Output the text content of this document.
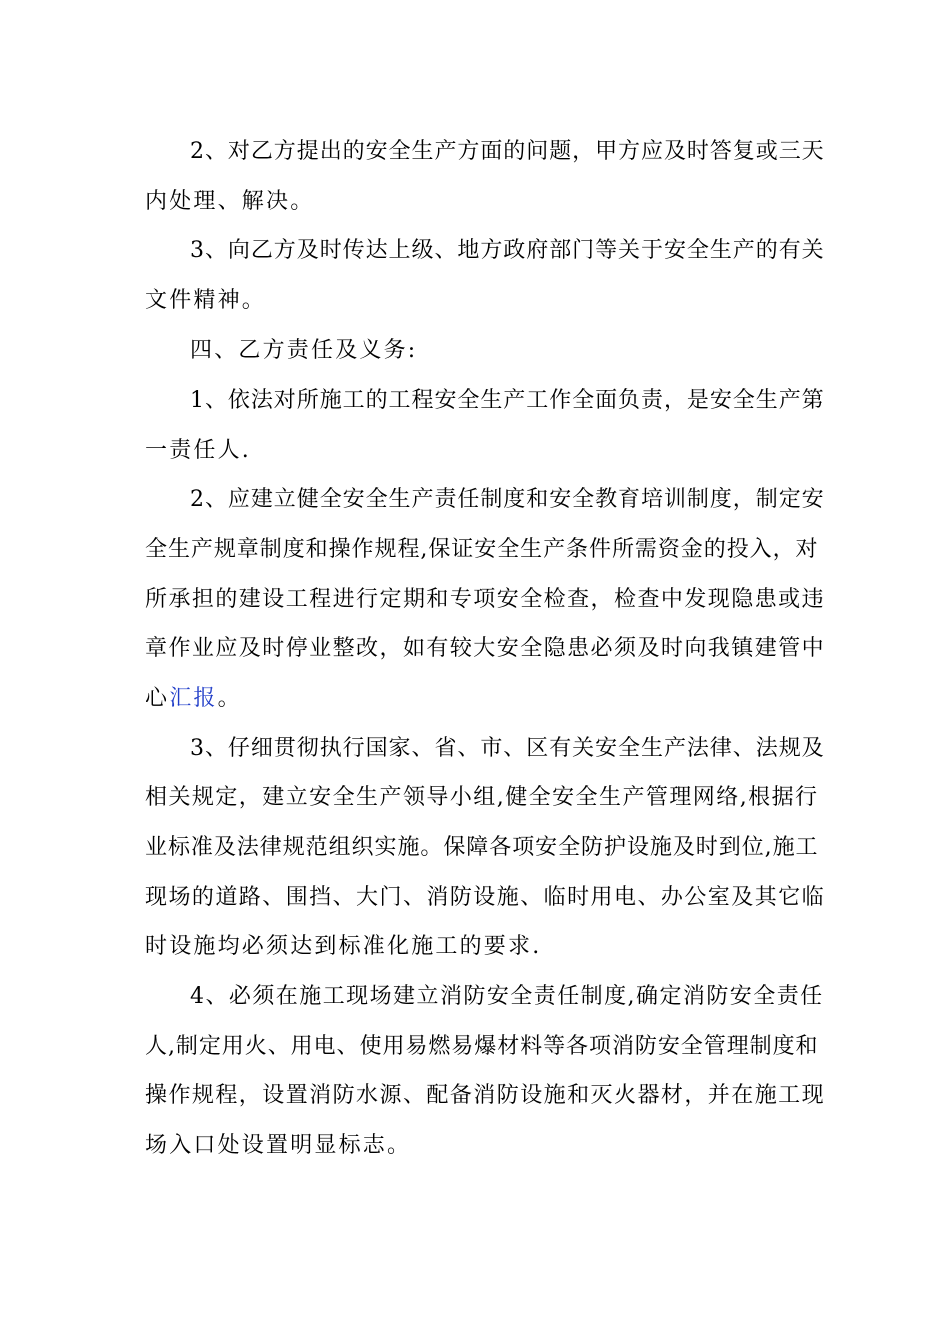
2、对乙方提出的安全生产方面的问题，甲方应及时答复或三天
内处理、解决。
3、向乙方及时传达上级、地方政府部门等关于安全生产的有关
文件精神。
四、乙方责任及义务:
1、依法对所施工的工程安全生产工作全面负责，是安全生产第
一责任人.
2、应建立健全安全生产责任制度和安全教育培训制度，制定安
全生产规章制度和操作规程,保证安全生产条件所需资金的投入，对
所承担的建设工程进行定期和专项安全检查，检查中发现隐患或违
章作业应及时停业整改，如有较大安全隐患必须及时向我镇建管中
心汇报。
3、仔细贯彻执行国家、省、市、区有关安全生产法律、法规及
相关规定，建立安全生产领导小组,健全安全生产管理网络,根据行
业标准及法律规范组织实施。保障各项安全防护设施及时到位,施工
现场的道路、围挡、大门、消防设施、临时用电、办公室及其它临
时设施均必须达到标准化施工的要求.
4、必须在施工现场建立消防安全责任制度,确定消防安全责任
人,制定用火、用电、使用易燃易爆材料等各项消防安全管理制度和
操作规程，设置消防水源、配备消防设施和灭火器材，并在施工现
场入口处设置明显标志。
